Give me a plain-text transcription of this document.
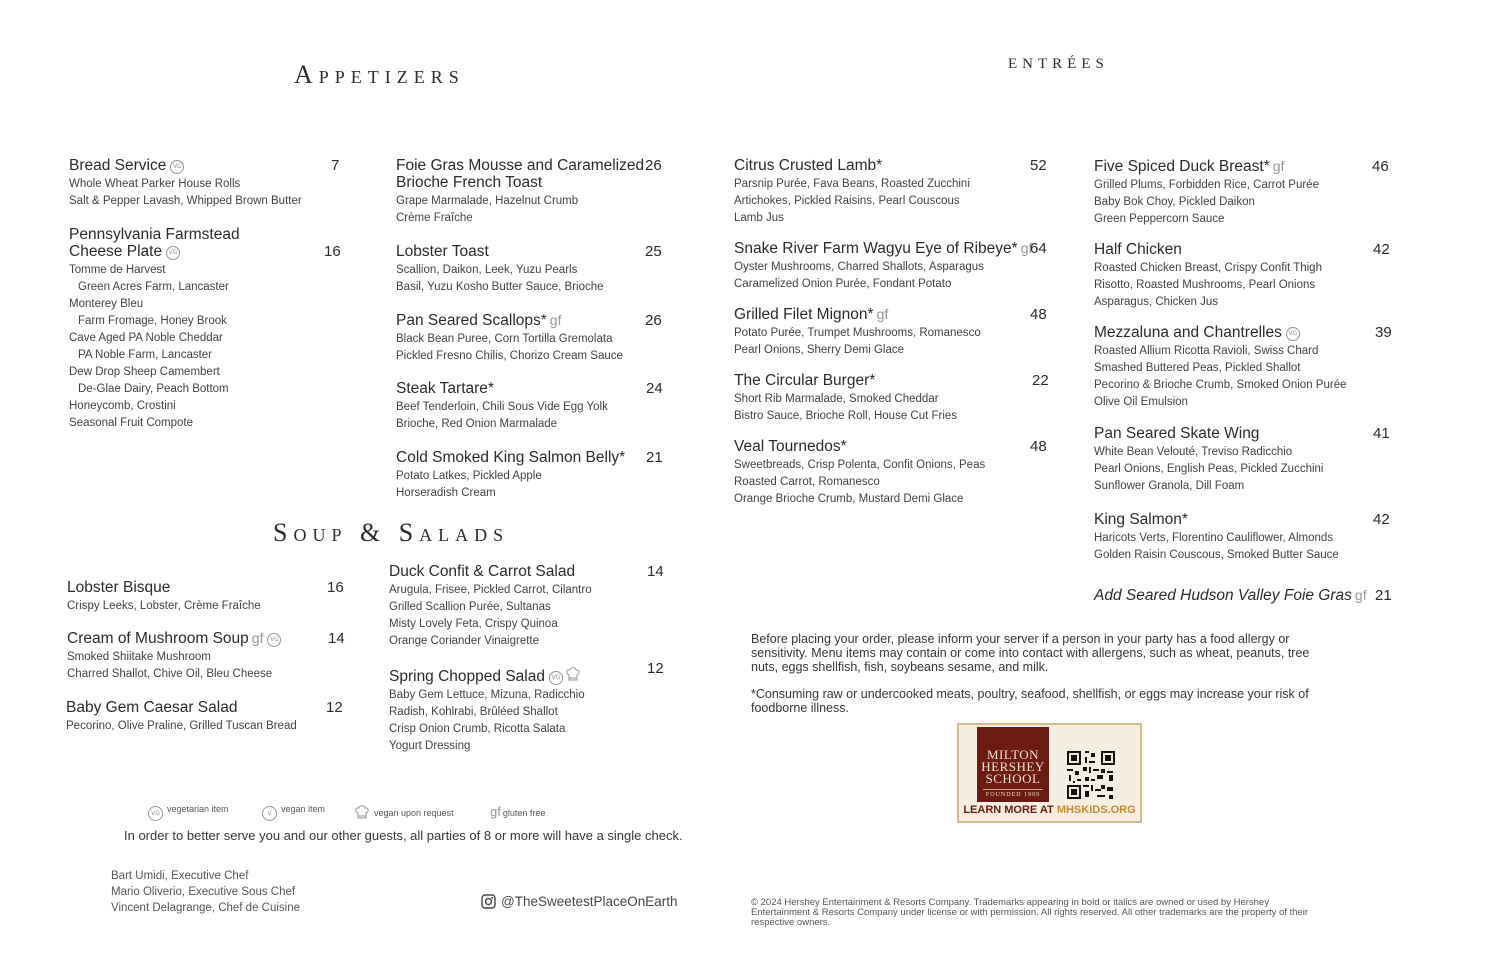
Appetizers	entrées
Soup & Salads
Bread Service VG
Whole Wheat Parker House Rolls
Salt & Pepper Lavash, Whipped Brown Butter
7
Pennsylvania Farmstead
Cheese Plate VG
Tomme de Harvest
Green Acres Farm, Lancaster
Monterey Bleu
Farm Fromage, Honey Brook
Cave Aged PA Noble Cheddar
PA Noble Farm, Lancaster
Dew Drop Sheep Camembert
De-Glae Dairy, Peach Bottom
Honeycomb, Crostini
Seasonal Fruit Compote
16
Foie Gras Mousse and Caramelized
Brioche French Toast
Grape Marmalade, Hazelnut Crumb
Crème Fraîche
26
Lobster Toast
Scallion, Daikon, Leek, Yuzu Pearls
Basil, Yuzu Kosho Butter Sauce, Brioche
25
Pan Seared Scallops* gf
Black Bean Puree, Corn Tortilla Gremolata
Pickled Fresno Chilis, Chorizo Cream Sauce
26
Steak Tartare*
Beef Tenderloin, Chili Sous Vide Egg Yolk
Brioche, Red Onion Marmalade
24
Cold Smoked King Salmon Belly*
Potato Latkes, Pickled Apple
Horseradish Cream
21
Lobster Bisque
Crispy Leeks, Lobster, Crème Fraîche
16
Cream of Mushroom Soup gf VG
Smoked Shiitake Mushroom
Charred Shallot, Chive Oil, Bleu Cheese
14
Baby Gem Caesar Salad
Pecorino, Olive Praline, Grilled Tuscan Bread
12
Duck Confit & Carrot Salad
Arugula, Frisee, Pickled Carrot, Cilantro
Grilled Scallion Purée, Sultanas
Misty Lovely Feta, Crispy Quinoa
Orange Coriander Vinaigrette
14
Spring Chopped Salad VG
Baby Gem Lettuce, Mizuna, Radicchio
Radish, Kohlrabi, Brûléed Shallot
Crisp Onion Crumb, Ricotta Salata
Yogurt Dressing
12
Citrus Crusted Lamb*
Parsnip Purée, Fava Beans, Roasted Zucchini
Artichokes, Pickled Raisins, Pearl Couscous
Lamb Jus
52
Snake River Farm Wagyu Eye of Ribeye* gf
Oyster Mushrooms, Charred Shallots, Asparagus
Caramelized Onion Purée, Fondant Potato
64
Grilled Filet Mignon* gf
Potato Purée, Trumpet Mushrooms, Romanesco
Pearl Onions, Sherry Demi Glace
48
The Circular Burger*
Short Rib Marmalade, Smoked Cheddar
Bistro Sauce, Brioche Roll, House Cut Fries
22
Veal Tournedos*
Sweetbreads, Crisp Polenta, Confit Onions, Peas
Roasted Carrot, Romanesco
Orange Brioche Crumb, Mustard Demi Glace
48
Five Spiced Duck Breast* gf
Grilled Plums, Forbidden Rice, Carrot Purée
Baby Bok Choy, Pickled Daikon
Green Peppercorn Sauce
46
Half Chicken
Roasted Chicken Breast, Crispy Confit Thigh
Risotto, Roasted Mushrooms, Pearl Onions
Asparagus, Chicken Jus
42
Mezzaluna and Chantrelles VG
Roasted Allium Ricotta Ravioli, Swiss Chard
Smashed Buttered Peas, Pickled Shallot
Pecorino & Brioche Crumb, Smoked Onion Purée
Olive Oil Emulsion
39
Pan Seared Skate Wing
White Bean Velouté, Treviso Radicchio
Pearl Onions, English Peas, Pickled Zucchini
Sunflower Granola, Dill Foam
41
King Salmon*
Haricots Verts, Florentino Cauliflower, Almonds
Golden Raisin Couscous, Smoked Butter Sauce
42
Add Seared Hudson Valley Foie Gras gf 21
VG vegetarian item	V vegan item	vegan upon request	gf gluten free
In order to better serve you and our other guests, all parties of 8 or more will have a single check.
Bart Umidi, Executive Chef
Mario Oliverio, Executive Sous Chef
Vincent Delagrange, Chef de Cuisine	@TheSweetestPlaceOnEarth

Before placing your order, please inform your server if a person in your party has a food allergy or sensitivity. Menu items may contain or come into contact with allergens, such as wheat, peanuts, tree nuts, eggs shellfish, fish, soybeans sesame, and milk.

*Consuming raw or undercooked meats, poultry, seafood, shellfish, or eggs may increase your risk of foodborne illness.

MILTON
HERSHEY
SCHOOL
FOUNDED 1909
LEARN MORE AT MHSKIDS.ORG
© 2024 Hershey Entertainment & Resorts Company. Trademarks appearing in bold or italics are owned or used by Hershey Entertainment & Resorts Company under license or with permission. All rights reserved. All other trademarks are the property of their respective owners.
